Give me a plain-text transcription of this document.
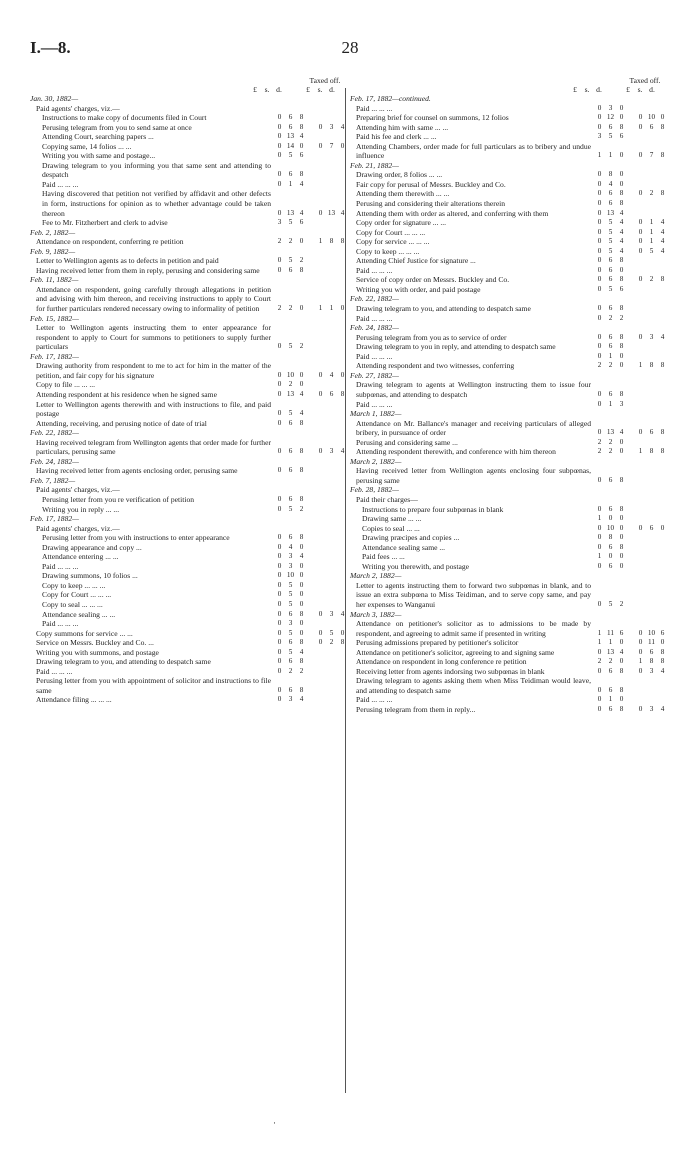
I.—8.	28
Taxed off.
£	s. d.	£	s. d.
Jan. 30, 1882—
Paid agents' charges, viz.—
Instructions to make copy of documents filed in Court	0	6	8
Perusing telegram from you to send same at once	0	6	8	0	3	4
Attending Court, searching papers ...	0 13 4
Copying same, 14 folios ... ...	0 14 0	0	7	0
Writing you with same and postage...	0	5	6
Drawing telegram to you informing you that same sent and attending to despatch	0	6	8
Paid ... ... ...	0	1	4
Having discovered that petition not verified by affidavit and other defects in form, instructions for opinion as to whether advantage could be taken thereon	0 13 4	0 13 4
Fee to Mr. Fitzherbert and clerk to advise	3	5	6
Feb. 2, 1882—
Attendance on respondent, conferring re petition	2	2	0	1	8	8
Feb. 9, 1882—
Letter to Wellington agents as to defects in petition and paid	0	5	2
Having received letter from them in reply, perusing and considering same	0	6	8
Feb. 11, 1882—
Attendance on respondent, going carefully through allegations in petition and advising with him thereon, and receiving instructions to apply to Court for further particulars rendered necessary owing to informality of petition	2	2	0	1	1	0
Feb. 15, 1882—
Letter to Wellington agents instructing them to enter appearance for respondent to apply to Court for summons to petitioners to supply further particulars	0	5	2
Feb. 17, 1882—
Drawing authority from respondent to me to act for him in the matter of the petition, and fair copy for his signature	0 10 0	0	4	0
Copy to file ... ... ...	0	2	0
Attending respondent at his residence when he signed same	0 13 4	0	6	8
Letter to Wellington agents therewith and with instructions to file, and paid postage	0	5	4
Attending, receiving, and perusing notice of date of trial	0	6	8
Feb. 22, 1882—
Having received telegram from Wellington agents that order made for further particulars, perusing same	0	6	8	0	3	4
Feb. 24, 1882—
Having received letter from agents enclosing order, perusing same	0	6	8
Feb. 7, 1882—
Paid agents' charges, viz.—
Perusing letter from you re verification of petition	0	6	8
Writing you in reply ... ...	0	5	2
Feb. 17, 1882—
Paid agents' charges, viz.—
Perusing letter from you with instructions to enter appearance	0	6	8
Drawing appearance and copy ...	0	4	0
Attendance entering ... ...	0	3	4
Paid ... ... ...	0	3	0
Drawing summons, 10 folios ...	0 10 0
Copy to keep ... ... ...	0	5	0
Copy for Court ... ... ...	0	5	0
Copy to seal ... ... ...	0	5	0
Attendance sealing ... ...	0	6	8	0	3	4
Paid ... ... ...	0	3	0
Copy summons for service ... ...	0	5	0	0	5	0
Service on Messrs. Buckley and Co. ...	0	6	8	0	2	8
Writing you with summons, and postage	0	5	4
Drawing telegram to you, and attending to despatch same	0	6	8
Paid ... ... ...	0	2	2
Perusing letter from you with appointment of solicitor and instructions to file same	0	6	8
Attendance filing ... ... ...	0	3	4
Taxed off.
£	s. d.	£	s. d.
Feb. 17, 1882—continued.
Paid ... ... ...	0	3	0
Preparing brief for counsel on summons, 12 folios	0 12 0	0 10 0
Attending him with same ... ...	0	6	8	0	6	8
Paid his fee and clerk ... ...	3	5	6
Attending Chambers, order made for full particulars as to bribery and undue influence	1	1	0	0	7	8
Feb. 21, 1882—
Drawing order, 8 folios ... ...	0	8	0
Fair copy for perusal of Messrs. Buckley and Co.	0	4	0
Attending them therewith ... ...	0	6	8	0	2	8
Perusing and considering their alterations therein	0	6	8
Attending them with order as altered, and conferring with them	0 13 4
Copy order for signature ... ...	0	5	4	0	1	4
Copy for Court ... ... ...	0	5	4	0	1	4
Copy for service ... ... ...	0	5	4	0	1	4
Copy to keep ... ... ...	0	5	4	0	5	4
Attending Chief Justice for signature ...	0	6	8
Paid ... ... ...	0	6	0
Service of copy order on Messrs. Buckley and Co.	0	6	8	0	2	8
Writing you with order, and paid postage	0	5	6
Feb. 22, 1882—
Drawing telegram to you, and attending to despatch same	0	6	8
Paid ... ... ...	0	2	2
Feb. 24, 1882—
Perusing telegram from you as to service of order	0	6	8	0	3	4
Drawing telegram to you in reply, and attending to despatch same	0	6	8
Paid ... ... ...	0	1	0
Attending respondent and two witnesses, conferring	2	2	0	1	8	8
Feb. 27, 1882—
Drawing telegram to agents at Wellington instructing them to issue four subpœnas, and attending to despatch	0	6	8
Paid ... ... ...	0	1	3
March 1, 1882—
Attendance on Mr. Ballance's manager and receiving particulars of alleged bribery, in pursuance of order	0 13 4	0	6	8
Perusing and considering same ...	2	2	0
Attending respondent therewith, and conference with him thereon	2	2	0	1	8	8
March 2, 1882—
Having received letter from Wellington agents enclosing four subpœnas, perusing same	0	6	8
Feb. 28, 1882—
Paid their charges—
Instructions to prepare four subpœnas in blank	0	6	8
Drawing same ... ...	1	0	0
Copies to seal ... ...	0 10 0	0	6	0
Drawing præcipes and copies ...	0	8	0
Attendance sealing same ...	0	6	8
Paid fees ... ...	1	0	0
Writing you therewith, and postage	0	6	0
March 2, 1882—
Letter to agents instructing them to forward two subpœnas in blank, and to issue an extra subpœna to Miss Teidiman, and to serve copy same, and pay her expenses to Wanganui	0	5	2
March 3, 1882—
Attendance on petitioner's solicitor as to admissions to be made by respondent, and agreeing to admit same if presented in writing	1 11 6	0 10 6
Perusing admissions prepared by petitioner's solicitor	1	1	0	0 11 0
Attendance on petitioner's solicitor, agreeing to and signing same	0 13 4	0	6	8
Attendance on respondent in long conference re petition	2	2	0	1	8	8
Receiving letter from agents indorsing two subpœnas in blank	0	6	8	0	3	4
Drawing telegram to agents asking them when Miss Teidiman would leave, and attending to despatch same	0	6	8
Paid ... ... ...	0	1	0
Perusing telegram from them in reply...	0	6	8	0	3	4
·
